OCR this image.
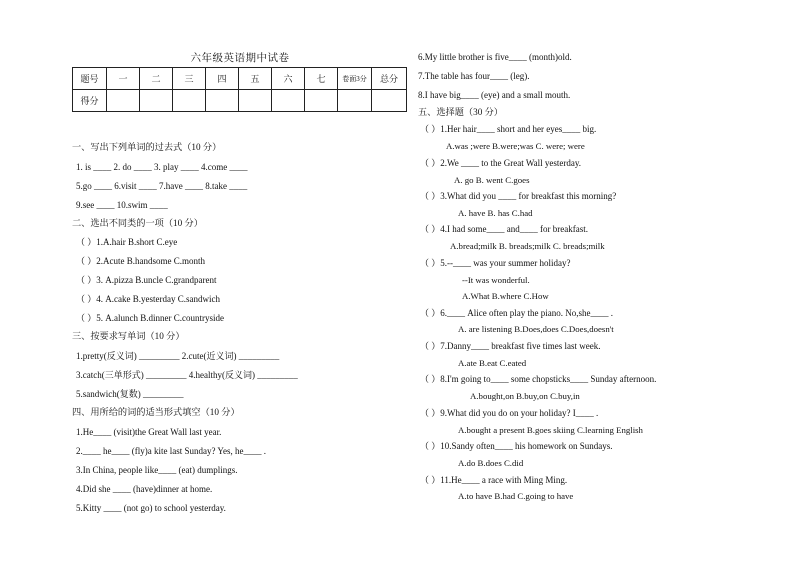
六年级英语期中试卷
题号	一	二	三	四	五	六	七	卷面3分	总分
得分									
一、写出下列单词的过去式（10 分）
1. is ____ 2. do ____ 3. play ____ 4.come ____
5.go ____ 6.visit ____ 7.have ____ 8.take ____
9.see ____ 10.swim ____
二、选出不同类的一项（10 分）
（ ）1.A.hair B.short C.eye
（ ）2.Acute B.handsome C.month
（ ）3. A.pizza B.uncle C.grandparent
（ ）4. A.cake B.yesterday C.sandwich
（ ）5. A.alunch B.dinner C.countryside
三、按要求写单词（10 分）
1.pretty(反义词) _________ 2.cute(近义词) _________
3.catch(三单形式) _________ 4.healthy(反义词) _________
5.sandwich(复数) _________
四、用所给的词的适当形式填空（10 分）
1.He____ (visit)the Great Wall last year.
2.____ he____ (fly)a kite last Sunday? Yes, he____ .
3.In China, people like____ (eat) dumplings.
4.Did she ____ (have)dinner at home.
5.Kitty ____ (not go) to school yesterday.
6.My little brother is five____ (month)old.
7.The table has four____ (leg).
8.I have big____ (eye) and a small mouth.
五、选择题（30 分）
（ ）1.Her hair____ short and her eyes____ big.
A.was ;were B.were;was C. were; were
（ ）2.We ____ to the Great Wall yesterday.
A. go B. went C.goes
（ ）3.What did you ____ for breakfast this morning?
A. have B. has C.had
（ ）4.I had some____ and____ for breakfast.
A.bread;milk B. breads;milk C. breads;milk
（ ）5.--____ was your summer holiday?
--It was wonderful.
A.What B.where C.How
（ ）6.____ Alice often play the piano. No,she____ .
A. are listening B.Does,does C.Does,doesn't
（ ）7.Danny____ breakfast five times last week.
A.ate B.eat C.eated
（ ）8.I'm going to____ some chopsticks____ Sunday afternoon.
A.bought,on B.buy,on C.buy,in
（ ）9.What did you do on your holiday? I____ .
A.bought a present B.goes skiing C.learning English
（ ）10.Sandy often____ his homework on Sundays.
A.do B.does C.did
（ ）11.He____ a race with Ming Ming.
A.to have B.had C.going to have
